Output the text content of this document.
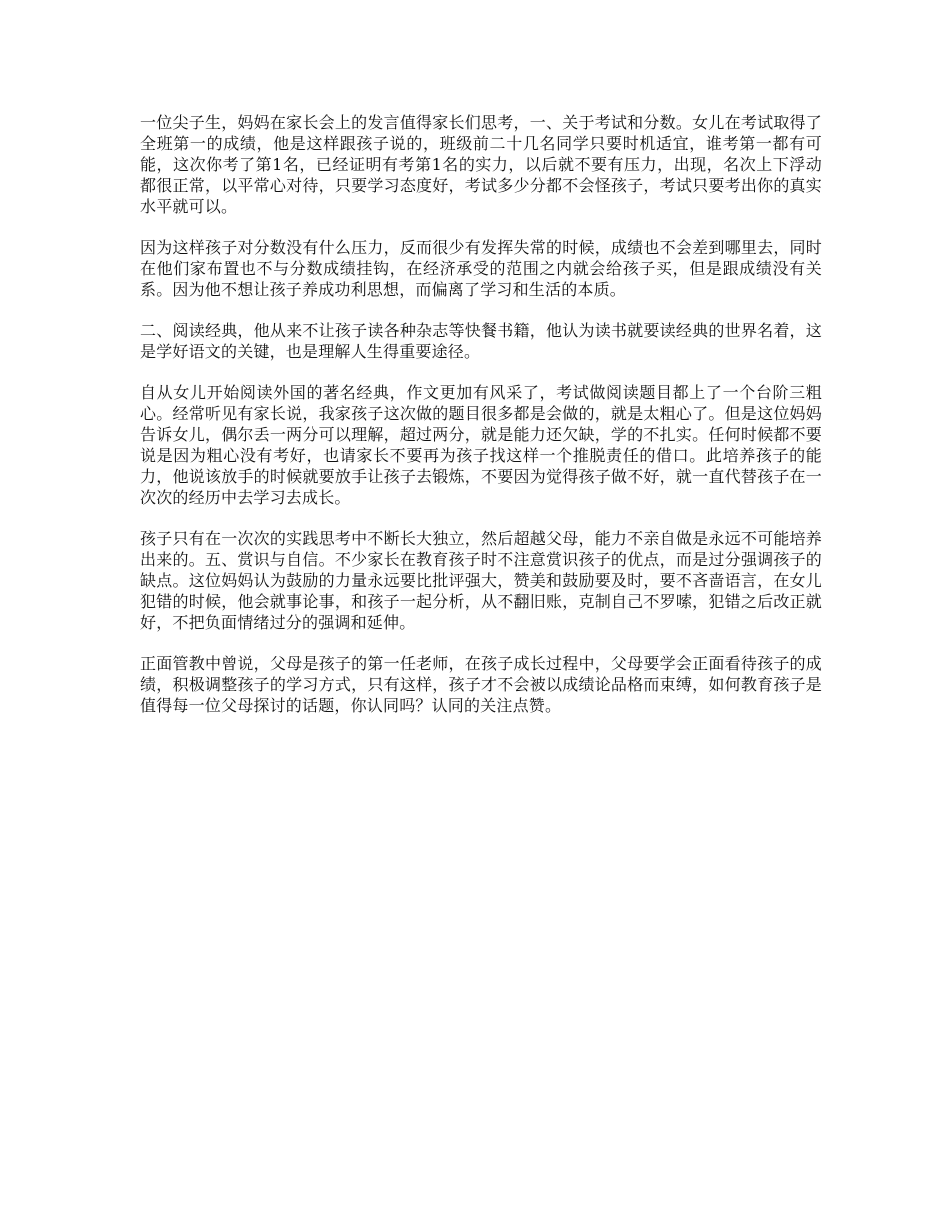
一位尖子生，妈妈在家长会上的发言值得家长们思考，一、关于考试和分数。女儿在考试取得了全班第一的成绩，他是这样跟孩子说的，班级前二十几名同学只要时机适宜，谁考第一都有可能，这次你考了第1名，已经证明有考第1名的实力，以后就不要有压力，出现，名次上下浮动都很正常，以平常心对待，只要学习态度好，考试多少分都不会怪孩子，考试只要考出你的真实水平就可以。

因为这样孩子对分数没有什么压力，反而很少有发挥失常的时候，成绩也不会差到哪里去，同时在他们家布置也不与分数成绩挂钩，在经济承受的范围之内就会给孩子买，但是跟成绩没有关系。因为他不想让孩子养成功利思想，而偏离了学习和生活的本质。

二、阅读经典，他从来不让孩子读各种杂志等快餐书籍，他认为读书就要读经典的世界名着，这是学好语文的关键，也是理解人生得重要途径。

自从女儿开始阅读外国的著名经典，作文更加有风采了，考试做阅读题目都上了一个台阶三粗心。经常听见有家长说，我家孩子这次做的题目很多都是会做的，就是太粗心了。但是这位妈妈告诉女儿，偶尔丢一两分可以理解，超过两分，就是能力还欠缺，学的不扎实。任何时候都不要说是因为粗心没有考好，也请家长不要再为孩子找这样一个推脱责任的借口。此培养孩子的能力，他说该放手的时候就要放手让孩子去锻炼，不要因为觉得孩子做不好，就一直代替孩子在一次次的经历中去学习去成长。

孩子只有在一次次的实践思考中不断长大独立，然后超越父母，能力不亲自做是永远不可能培养出来的。五、赏识与自信。不少家长在教育孩子时不注意赏识孩子的优点，而是过分强调孩子的缺点。这位妈妈认为鼓励的力量永远要比批评强大，赞美和鼓励要及时，要不吝啬语言，在女儿犯错的时候，他会就事论事，和孩子一起分析，从不翻旧账，克制自己不罗嗦，犯错之后改正就好，不把负面情绪过分的强调和延伸。

正面管教中曾说，父母是孩子的第一任老师，在孩子成长过程中，父母要学会正面看待孩子的成绩，积极调整孩子的学习方式，只有这样，孩子才不会被以成绩论品格而束缚，如何教育孩子是值得每一位父母探讨的话题，你认同吗？认同的关注点赞。
